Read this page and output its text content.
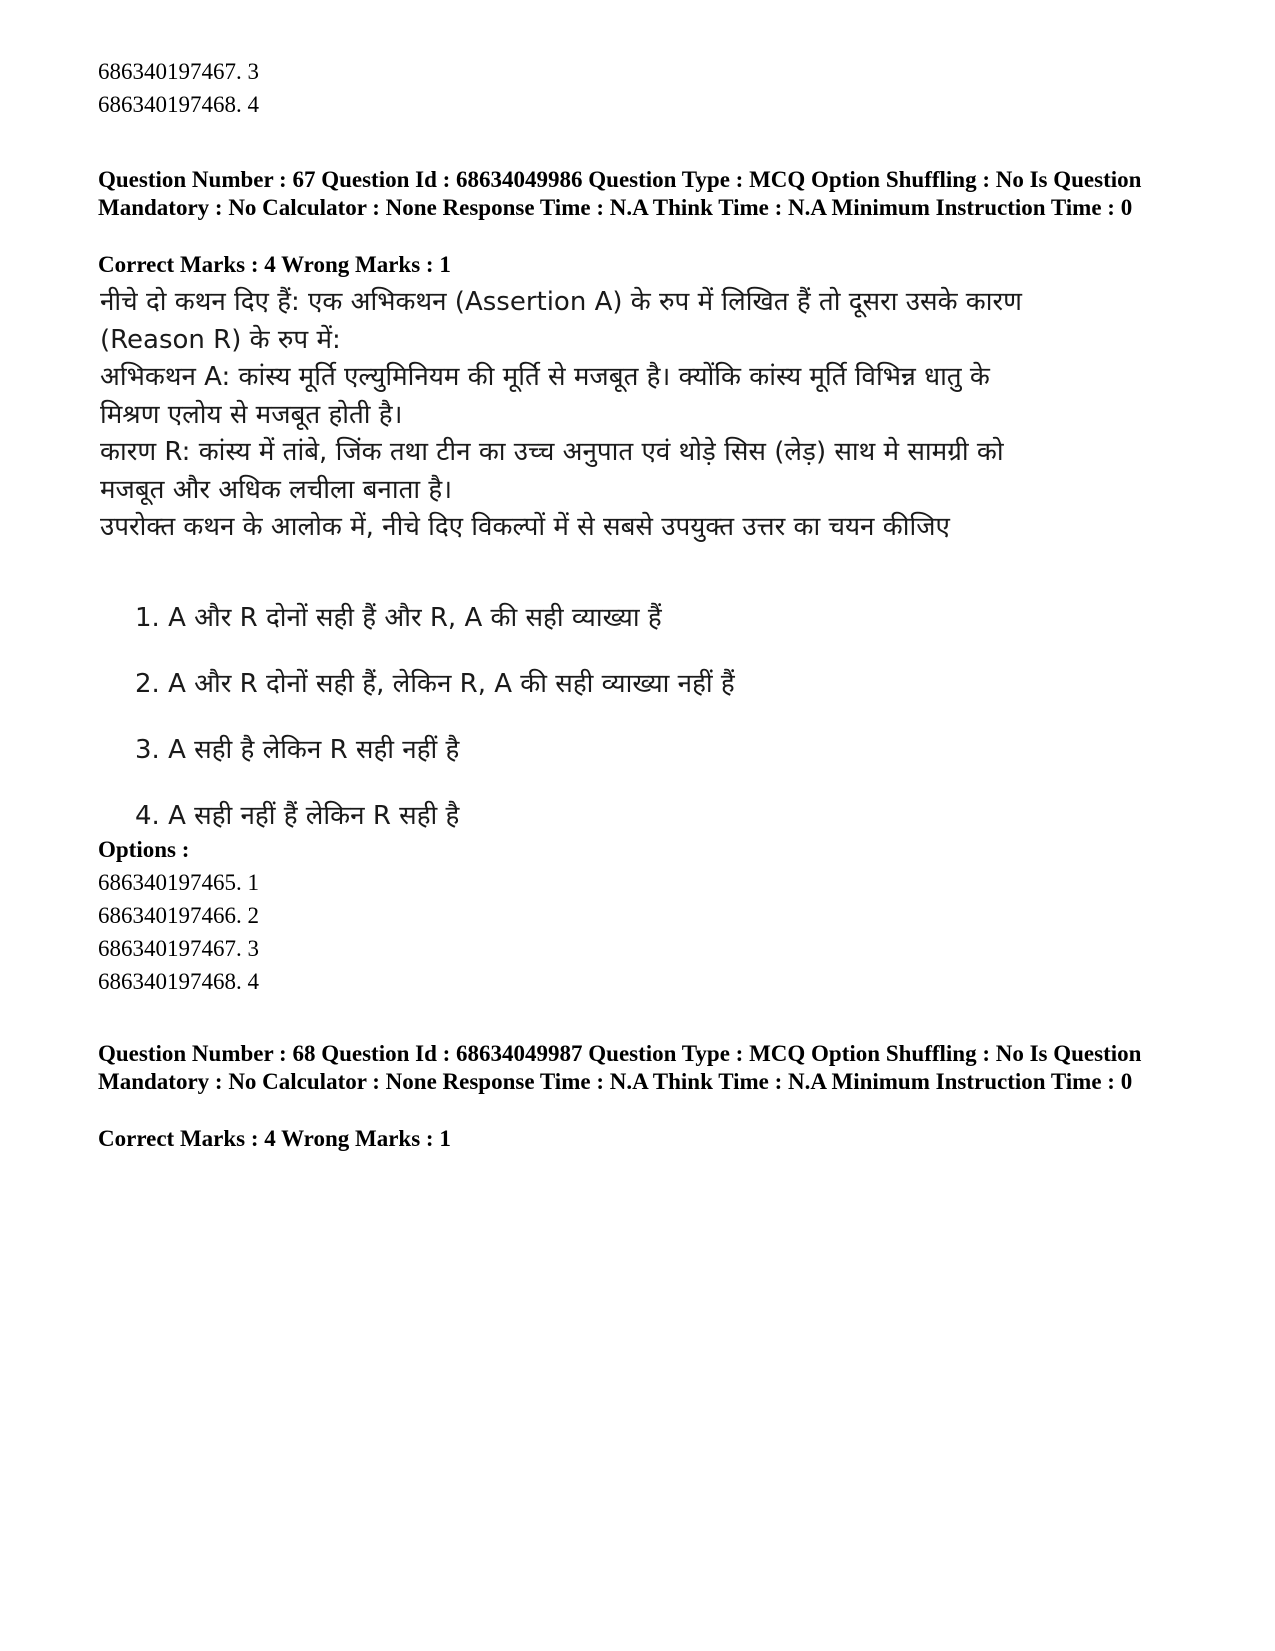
686340197467. 3
686340197468. 4
Question Number : 67 Question Id : 68634049986 Question Type : MCQ Option Shuffling : No Is Question Mandatory : No Calculator : None Response Time : N.A Think Time : N.A Minimum Instruction Time : 0
Correct Marks : 4 Wrong Marks : 1

नीचे दो कथन दिए हैं: एक अभिकथन (Assertion A) के रुप में लिखित हैं तो दूसरा उसके कारण (Reason R) के रुप में:

अभिकथन A: कांस्य मूर्ति एल्युमिनियम की मूर्ति से मजबूत है। क्योंकि कांस्य मूर्ति विभिन्न धातु के मिश्रण एलोय से मजबूत होती है।

कारण R: कांस्य में तांबे, जिंक तथा टीन का उच्च अनुपात एवं थोड़े सिस (लेड़) साथ मे सामग्री को मजबूत और अधिक लचीला बनाता है।

उपरोक्त कथन के आलोक में, नीचे दिए विकल्पों में से सबसे उपयुक्त उत्तर का चयन कीजिए

1. A और R दोनों सही हैं और R, A की सही व्याख्या हैं
2. A और R दोनों सही हैं, लेकिन R, A की सही व्याख्या नहीं हैं
3. A सही है लेकिन R सही नहीं है
4. A सही नहीं हैं लेकिन R सही है
Options :
686340197465. 1
686340197466. 2
686340197467. 3
686340197468. 4
Question Number : 68 Question Id : 68634049987 Question Type : MCQ Option Shuffling : No Is Question Mandatory : No Calculator : None Response Time : N.A Think Time : N.A Minimum Instruction Time : 0
Correct Marks : 4 Wrong Marks : 1
